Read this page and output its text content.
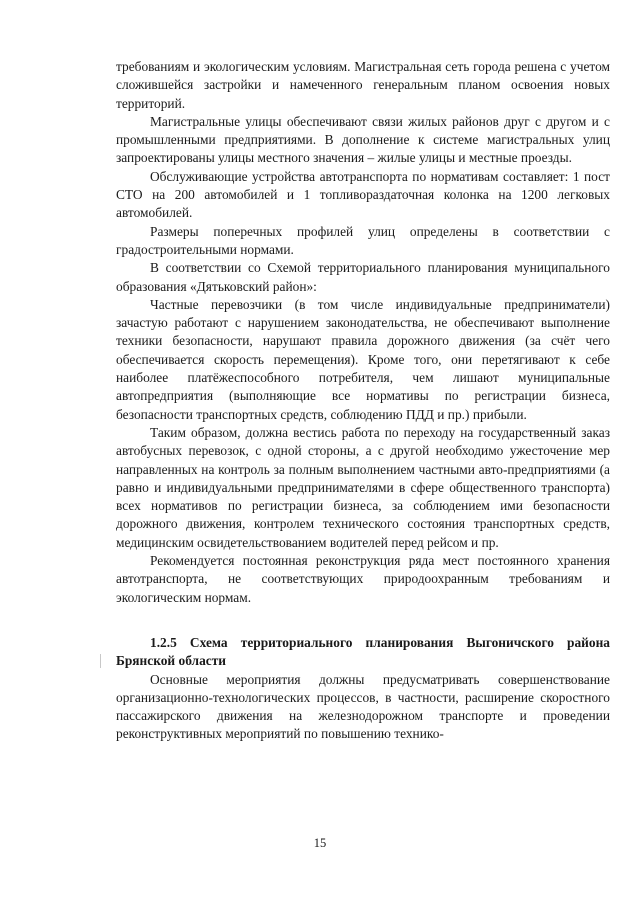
требованиям и экологическим условиям. Магистральная сеть города решена с учетом сложившейся застройки и намеченного генеральным планом освоения новых территорий.

Магистральные улицы обеспечивают связи жилых районов друг с другом и с промышленными предприятиями. В дополнение к системе магистральных улиц запроектированы улицы местного значения – жилые улицы и местные проезды.

Обслуживающие устройства автотранспорта по нормативам составляет: 1 пост СТО на 200 автомобилей и 1 топливораздаточная колонка на 1200 легковых автомобилей.

Размеры поперечных профилей улиц определены в соответствии с градостроительными нормами.

В соответствии со Схемой территориального планирования муниципального образования «Дятьковский район»:

Частные перевозчики (в том числе индивидуальные предприниматели) зачастую работают с нарушением законодательства, не обеспечивают выполнение техники безопасности, нарушают правила дорожного движения (за счёт чего обеспечивается скорость перемещения). Кроме того, они перетягивают к себе наиболее платёжеспособного потребителя, чем лишают муниципальные автопредприятия (выполняющие все нормативы по регистрации бизнеса, безопасности транспортных средств, соблюдению ПДД и пр.) прибыли.

Таким образом, должна вестись работа по переходу на государственный заказ автобусных перевозок, с одной стороны, а с другой необходимо ужесточение мер направленных на контроль за полным выполнением частными авто-предприятиями (а равно и индивидуальными предпринимателями в сфере общественного транспорта) всех нормативов по регистрации бизнеса, за соблюдением ими безопасности дорожного движения, контролем технического состояния транспортных средств, медицинским освидетельствованием водителей перед рейсом и пр.

Рекомендуется постоянная реконструкция ряда мест постоянного хранения автотранспорта, не соответствующих природоохранным требованиям и экологическим нормам.

1.2.5 Схема территориального планирования Выгоничского района Брянской области

Основные мероприятия должны предусматривать совершенствование организационно-технологических процессов, в частности, расширение скоростного пассажирского движения на железнодорожном транспорте и проведении реконструктивных мероприятий по повышению технико-

15
